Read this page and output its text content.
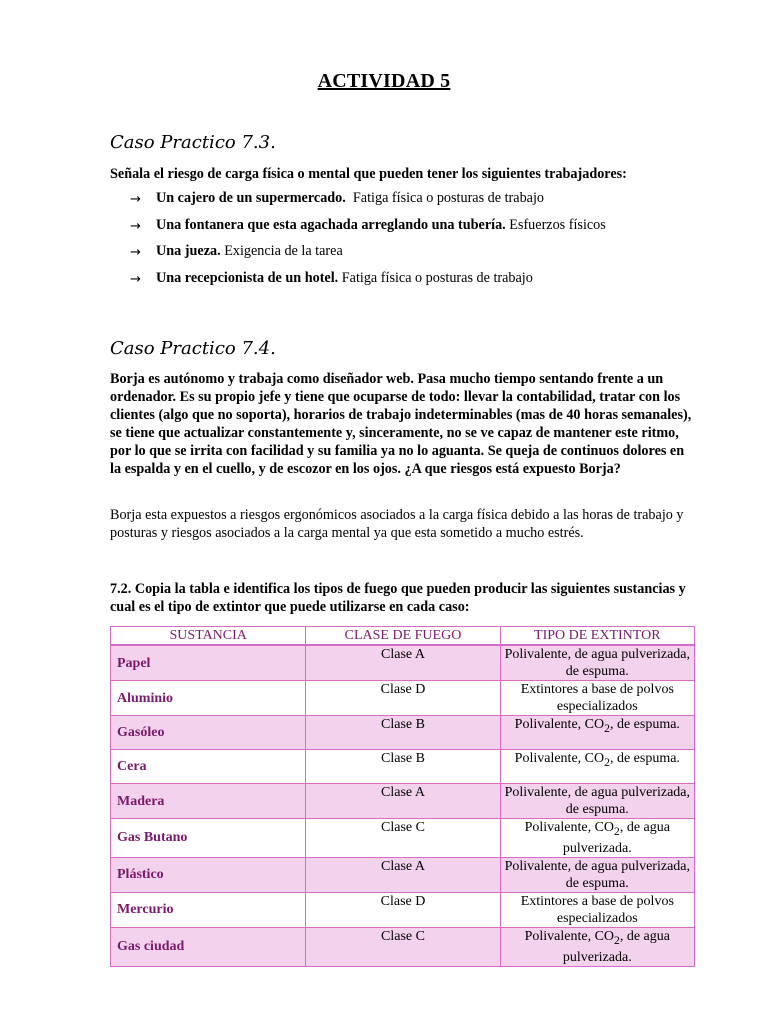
ACTIVIDAD 5
Caso Practico 7.3.
Señala el riesgo de carga física o mental que pueden tener los siguientes trabajadores:
→	Un cajero de un supermercado. Fatiga física o posturas de trabajo
→	Una fontanera que esta agachada arreglando una tubería. Esfuerzos físicos
→	Una jueza. Exigencia de la tarea
→	Una recepcionista de un hotel. Fatiga física o posturas de trabajo
Caso Practico 7.4.
Borja es autónomo y trabaja como diseñador web. Pasa mucho tiempo sentando frente a un ordenador. Es su propio jefe y tiene que ocuparse de todo: llevar la contabilidad, tratar con los clientes (algo que no soporta), horarios de trabajo indeterminables (mas de 40 horas semanales), se tiene que actualizar constantemente y, sinceramente, no se ve capaz de mantener este ritmo, por lo que se irrita con facilidad y su familia ya no lo aguanta. Se queja de continuos dolores en la espalda y en el cuello, y de escozor en los ojos. ¿A que riesgos está expuesto Borja?
Borja esta expuestos a riesgos ergonómicos asociados a la carga física debido a las horas de trabajo y posturas y riesgos asociados a la carga mental ya que esta sometido a mucho estrés.
7.2. Copia la tabla e identifica los tipos de fuego que pueden producir las siguientes sustancias y cual es el tipo de extintor que puede utilizarse en cada caso:
SUSTANCIA	CLASE DE FUEGO	TIPO DE EXTINTOR
Papel	Clase A	Polivalente, de agua pulverizada, de espuma.
Aluminio	Clase D	Extintores a base de polvos especializados
Gasóleo	Clase B	Polivalente, $CO_2$, de espuma.
Cera	Clase B	Polivalente, $CO_2$, de espuma.
Madera	Clase A	Polivalente, de agua pulverizada, de espuma.
Gas Butano	Clase C	Polivalente, $CO_2$, de agua pulverizada.
Plástico	Clase A	Polivalente, de agua pulverizada, de espuma.
Mercurio	Clase D	Extintores a base de polvos especializados
Gas ciudad	Clase C	Polivalente, $CO_2$, de agua pulverizada.
